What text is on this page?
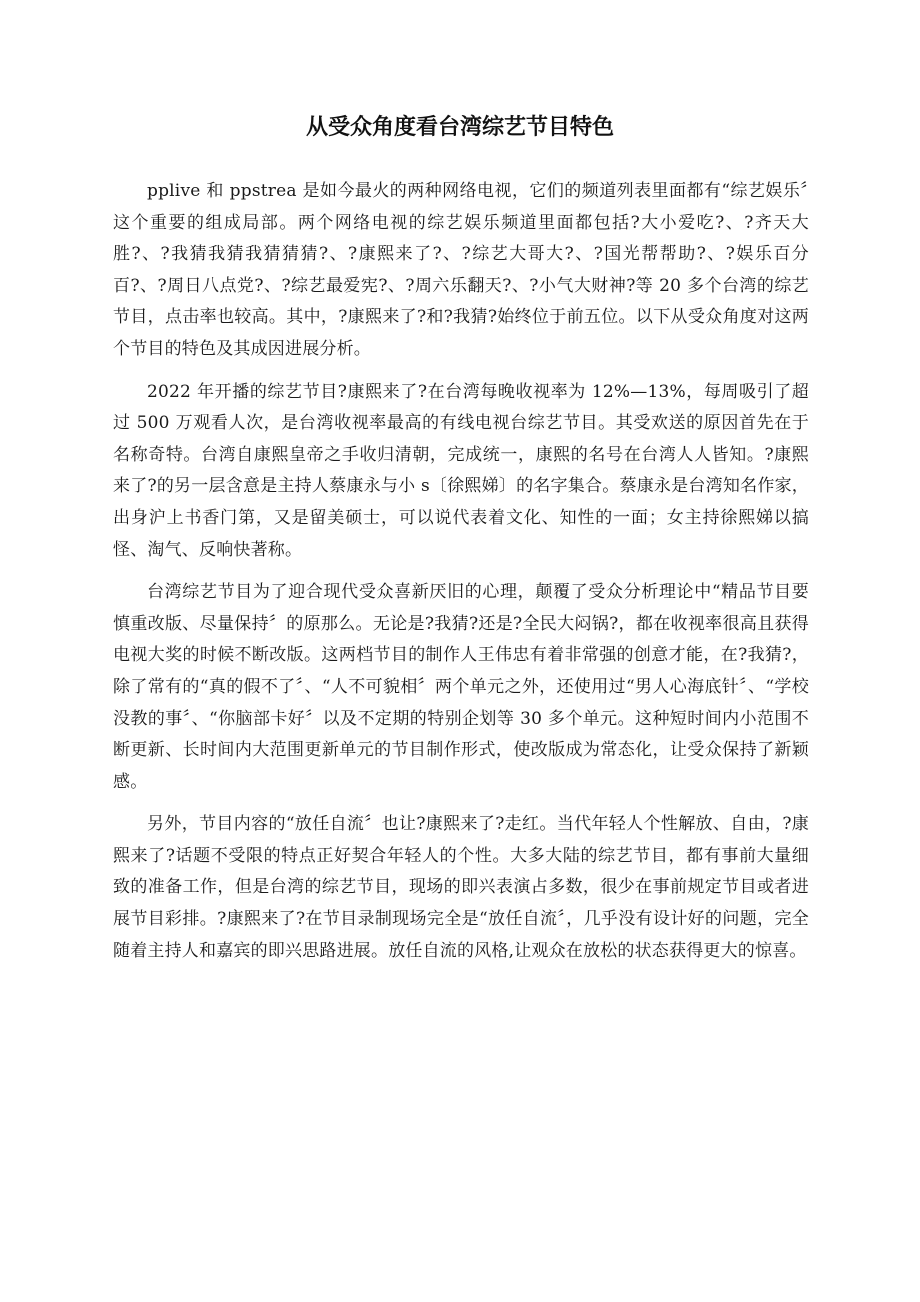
从受众角度看台湾综艺节目特色

pplive 和 ppstrea 是如今最火的两种网络电视，它们的频道列表里面都有“综艺娱乐〞这个重要的组成局部。两个网络电视的综艺娱乐频道里面都包括?大小爱吃?、?齐天大胜?、?我猜我猜我猜猜猜?、?康熙来了?、?综艺大哥大?、?国光帮帮助?、?娱乐百分百?、?周日八点党?、?综艺最爱宪?、?周六乐翻天?、?小气大财神?等 20 多个台湾的综艺节目，点击率也较高。其中，?康熙来了?和?我猜?始终位于前五位。以下从受众角度对这两个节目的特色及其成因进展分析。

2022 年开播的综艺节目?康熙来了?在台湾每晚收视率为 12%—13%，每周吸引了超过 500 万观看人次，是台湾收视率最高的有线电视台综艺节目。其受欢送的原因首先在于名称奇特。台湾自康熙皇帝之手收归清朝，完成统一，康熙的名号在台湾人人皆知。?康熙来了?的另一层含意是主持人蔡康永与小 s〔徐熙娣〕的名字集合。蔡康永是台湾知名作家，出身沪上书香门第，又是留美硕士，可以说代表着文化、知性的一面；女主持徐熙娣以搞怪、淘气、反响快著称。

台湾综艺节目为了迎合现代受众喜新厌旧的心理，颠覆了受众分析理论中“精品节目要慎重改版、尽量保持〞的原那么。无论是?我猜?还是?全民大闷锅?，都在收视率很高且获得电视大奖的时候不断改版。这两档节目的制作人王伟忠有着非常强的创意才能，在?我猜?，除了常有的“真的假不了〞、“人不可貌相〞两个单元之外，还使用过“男人心海底针〞、“学校没教的事〞、“你脑部卡好〞以及不定期的特别企划等 30 多个单元。这种短时间内小范围不断更新、长时间内大范围更新单元的节目制作形式，使改版成为常态化，让受众保持了新颖感。

另外，节目内容的“放任自流〞也让?康熙来了?走红。当代年轻人个性解放、自由，?康熙来了?话题不受限的特点正好契合年轻人的个性。大多大陆的综艺节目，都有事前大量细致的准备工作，但是台湾的综艺节目，现场的即兴表演占多数，很少在事前规定节目或者进展节目彩排。?康熙来了?在节目录制现场完全是“放任自流〞，几乎没有设计好的问题，完全随着主持人和嘉宾的即兴思路进展。放任自流的风格,让观众在放松的状态获得更大的惊喜。
